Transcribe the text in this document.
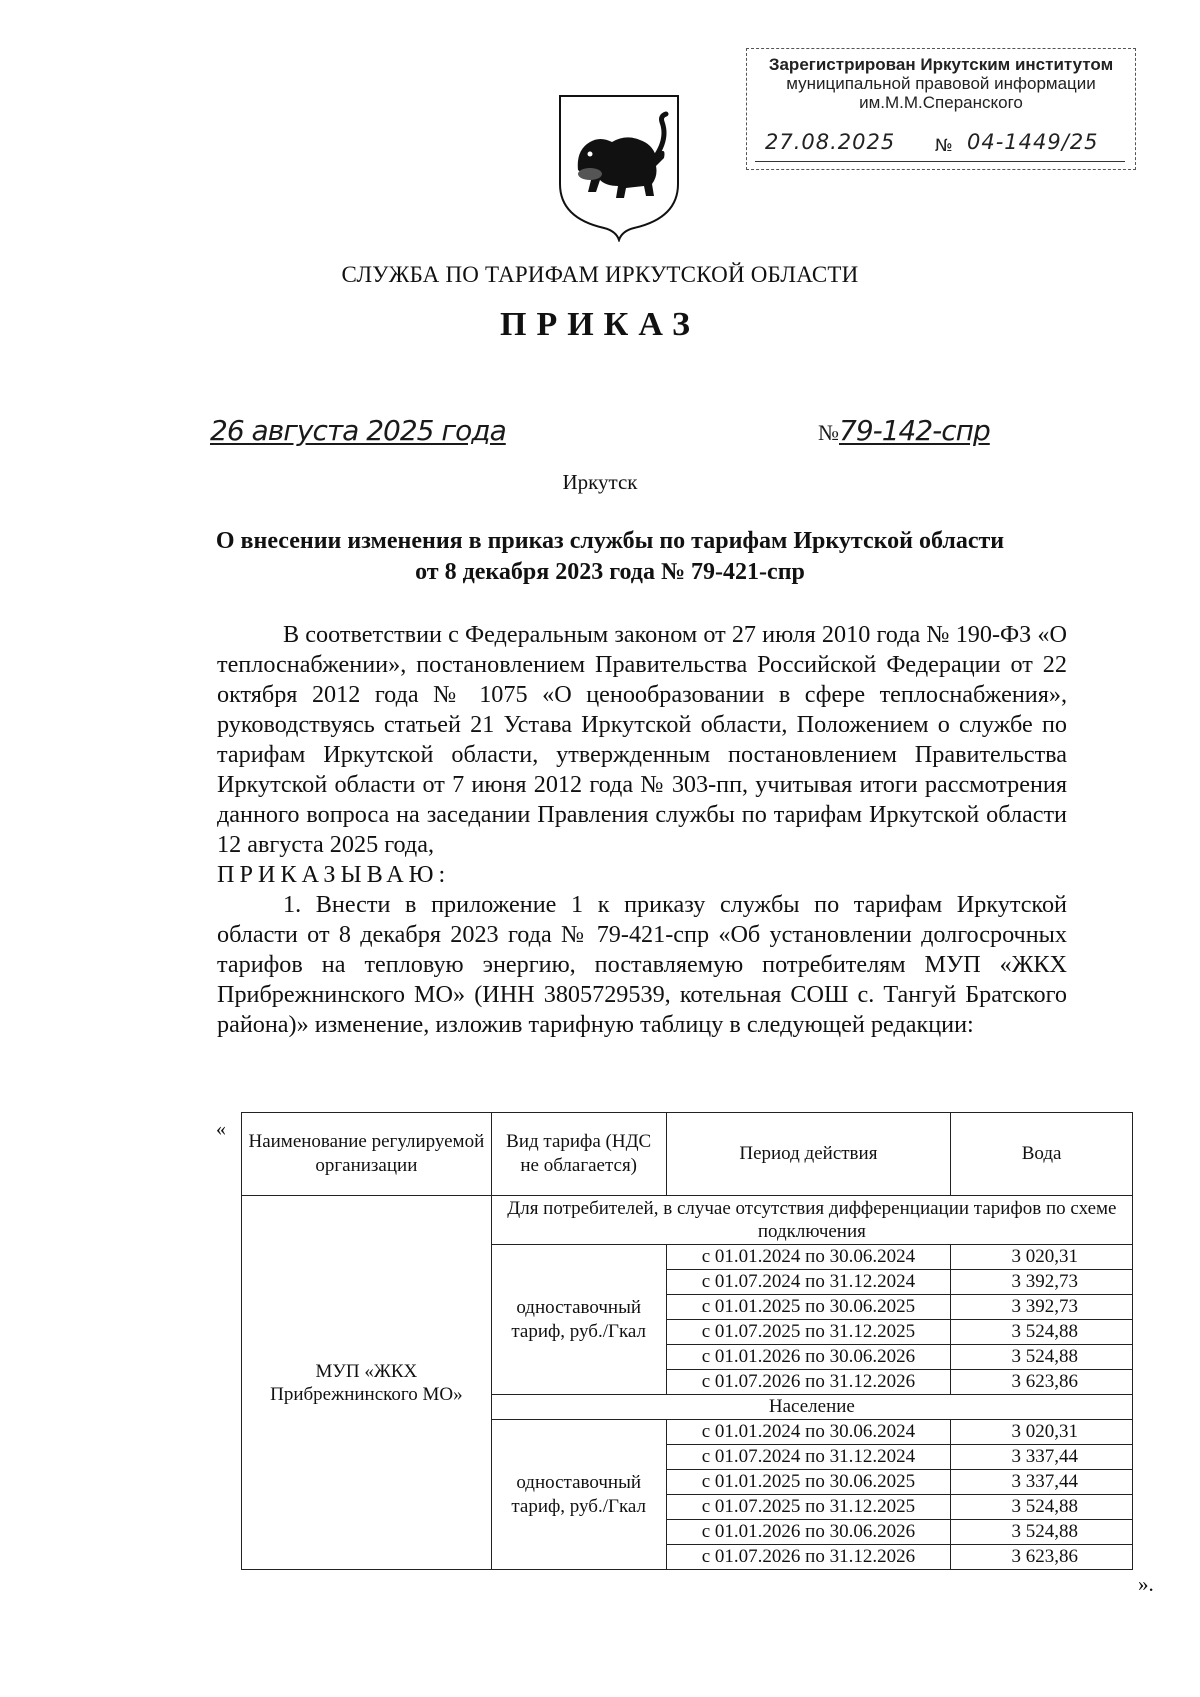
Зарегистрирован Иркутским институтом
муниципальной правовой информации
им.М.М.Сперанского
27.08.2025 № 04-1449/25
СЛУЖБА ПО ТАРИФАМ ИРКУТСКОЙ ОБЛАСТИ
ПРИКАЗ
26 августа 2025 года	№79-142-спр
Иркутск
О внесении изменения в приказ службы по тарифам Иркутской области
от 8 декабря 2023 года № 79-421-спр

В соответствии с Федеральным законом от 27 июля 2010 года № 190-ФЗ «О теплоснабжении», постановлением Правительства Российской Федерации от 22 октября 2012 года № 1075 «О ценообразовании в сфере теплоснабжения», руководствуясь статьей 21 Устава Иркутской области, Положением о службе по тарифам Иркутской области, утвержденным постановлением Правительства Иркутской области от 7 июня 2012 года № 303-пп, учитывая итоги рассмотрения данного вопроса на заседании Правления службы по тарифам Иркутской области 12 августа 2025 года,

ПРИКАЗЫВАЮ:

1. Внести в приложение 1 к приказу службы по тарифам Иркутской области от 8 декабря 2023 года № 79-421-спр «Об установлении долгосрочных тарифов на тепловую энергию, поставляемую потребителям МУП «ЖКХ Прибрежнинского МО» (ИНН 3805729539, котельная СОШ с. Тангуй Братского района)» изменение, изложив тарифную таблицу в следующей редакции:

«
Наименование регулируемой организации	Вид тарифа (НДС не облагается)	Период действия	Вода
МУП «ЖКХ Прибрежнинского МО»	Для потребителей, в случае отсутствия дифференциации тарифов по схеме подключения		
	одноставочный тариф, руб./Гкал	с 01.01.2024 по 30.06.2024	3 020,31
		с 01.07.2024 по 31.12.2024	3 392,73
		с 01.01.2025 по 30.06.2025	3 392,73
		с 01.07.2025 по 31.12.2025	3 524,88
		с 01.01.2026 по 30.06.2026	3 524,88
		с 01.07.2026 по 31.12.2026	3 623,86
	Население		
	одноставочный тариф, руб./Гкал	с 01.01.2024 по 30.06.2024	3 020,31
		с 01.07.2024 по 31.12.2024	3 337,44
		с 01.01.2025 по 30.06.2025	3 337,44
		с 01.07.2025 по 31.12.2025	3 524,88
		с 01.01.2026 по 30.06.2026	3 524,88
		с 01.07.2026 по 31.12.2026	3 623,86
».
